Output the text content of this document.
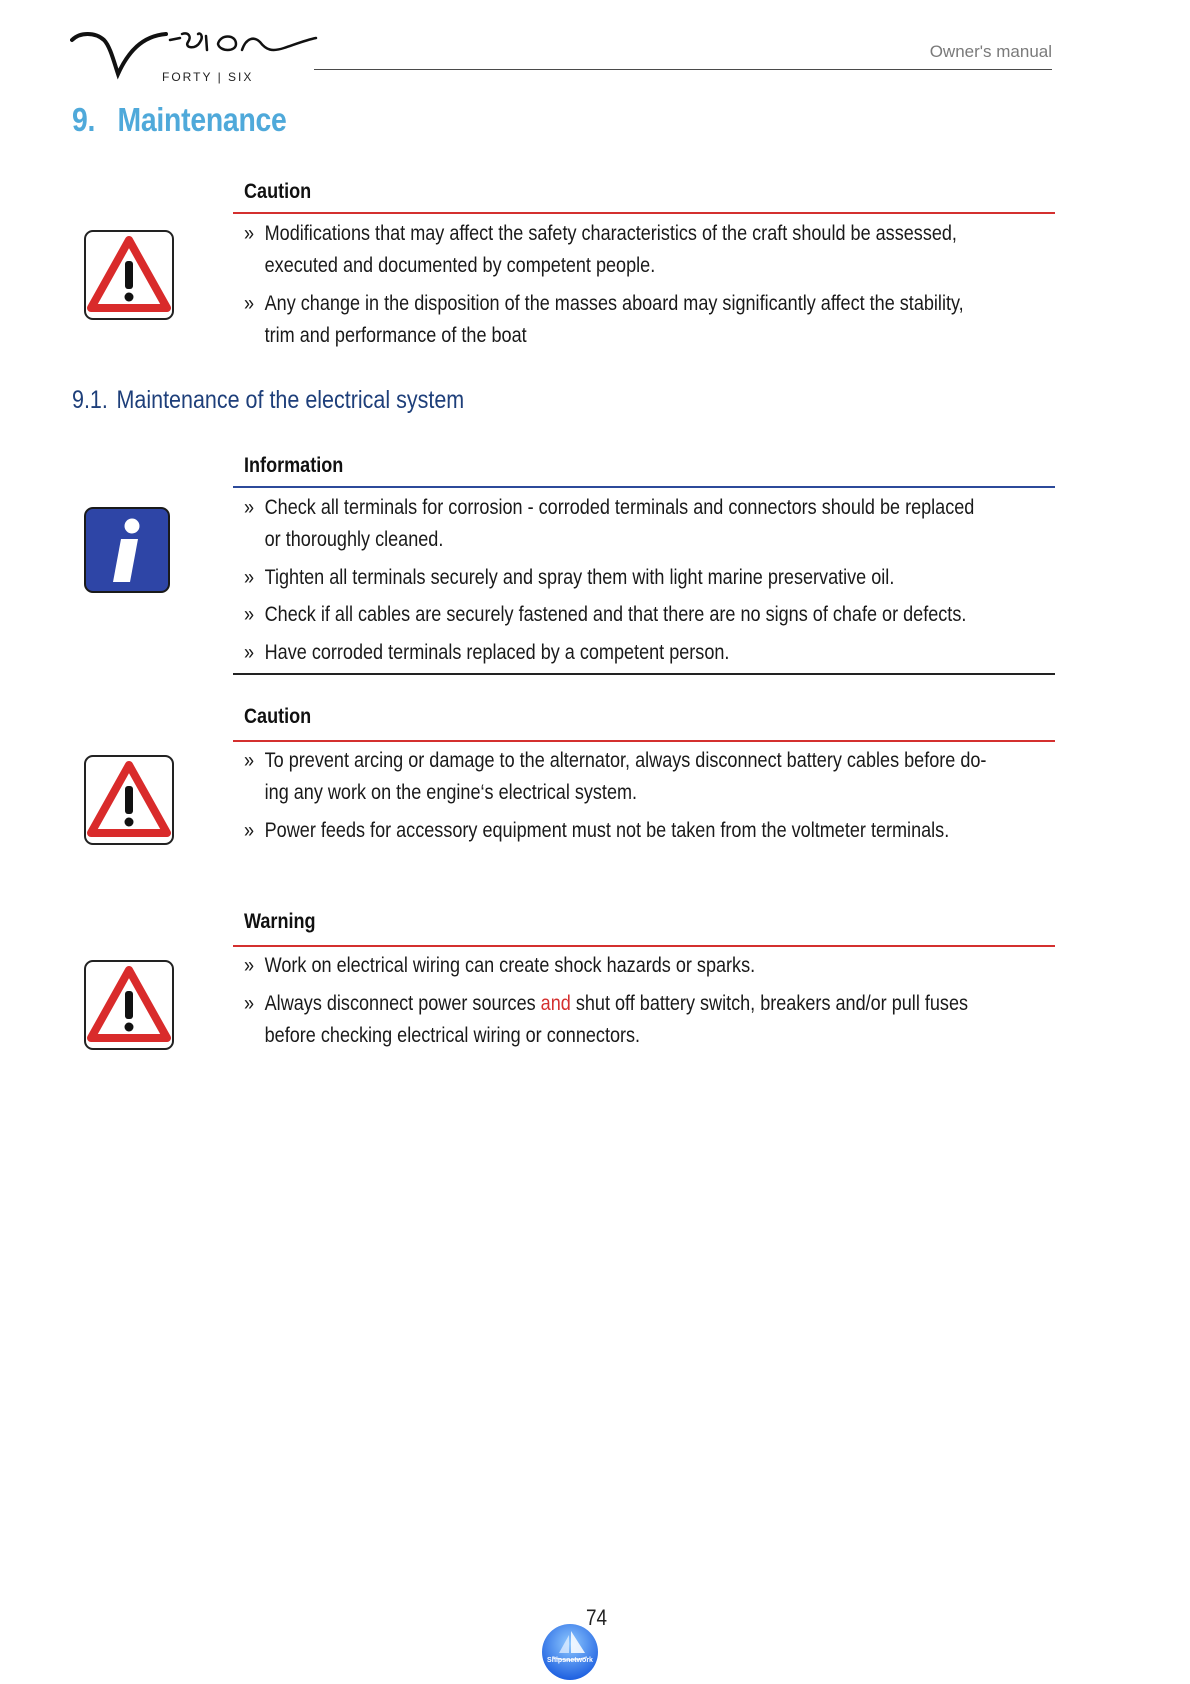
FORTY | SIX
Owner's manual
9. Maintenance
Caution
» Modifications that may affect the safety characteristics of the craft should be assessed, executed and documented by competent people.
» Any change in the disposition of the masses aboard may significantly affect the stability, trim and performance of the boat
9.1. Maintenance of the electrical system
Information
» Check all terminals for corrosion - corroded terminals and connectors should be replaced or thoroughly cleaned.
» Tighten all terminals securely and spray them with light marine preservative oil.
» Check if all cables are securely fastened and that there are no signs of chafe or defects.
» Have corroded terminals replaced by a competent person.
Caution
» To prevent arcing or damage to the alternator, always disconnect battery cables before do-ing any work on the engine‘s electrical system.
» Power feeds for accessory equipment must not be taken from the voltmeter terminals.
Warning
» Work on electrical wiring can create shock hazards or sparks.
» Always disconnect power sources and shut off battery switch, breakers and/or pull fuses before checking electrical wiring or connectors.
74
Shipsnetwork
